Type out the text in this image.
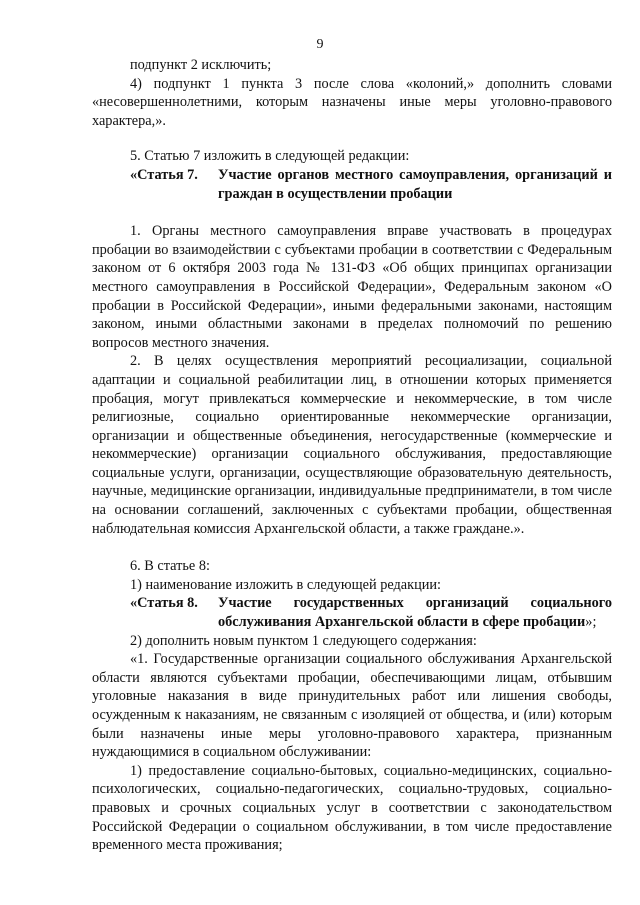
9

подпункт 2 исключить;

4) подпункт 1 пункта 3 после слова «колоний,» дополнить словами «несовершеннолетними, которым назначены иные меры уголовно-правового характера,».

5. Статью 7 изложить в следующей редакции:

«Статья 7.	Участие органов местного самоуправления, организаций и граждан в осуществлении пробации

1. Органы местного самоуправления вправе участвовать в процедурах пробации во взаимодействии с субъектами пробации в соответствии с Федеральным законом от 6 октября 2003 года № 131-ФЗ «Об общих принципах организации местного самоуправления в Российской Федерации», Федеральным законом «О пробации в Российской Федерации», иными федеральными законами, настоящим законом, иными областными законами в пределах полномочий по решению вопросов местного значения.

2. В целях осуществления мероприятий ресоциализации, социальной адаптации и социальной реабилитации лиц, в отношении которых применяется пробация, могут привлекаться коммерческие и некоммерческие, в том числе религиозные, социально ориентированные некоммерческие организации, организации и общественные объединения, негосударственные (коммерческие и некоммерческие) организации социального обслуживания, предоставляющие социальные услуги, организации, осуществляющие образовательную деятельность, научные, медицинские организации, индивидуальные предприниматели, в том числе на основании соглашений, заключенных с субъектами пробации, общественная наблюдательная комиссия Архангельской области, а также граждане.».

6. В статье 8:

1) наименование изложить в следующей редакции:

«Статья 8.	Участие государственных организаций социального обслуживания Архангельской области в сфере пробации»;

2) дополнить новым пунктом 1 следующего содержания:

«1. Государственные организации социального обслуживания Архангельской области являются субъектами пробации, обеспечивающими лицам, отбывшим уголовные наказания в виде принудительных работ или лишения свободы, осужденным к наказаниям, не связанным с изоляцией от общества, и (или) которым были назначены иные меры уголовно-правового характера, признанным нуждающимися в социальном обслуживании:

1) предоставление социально-бытовых, социально-медицинских, социально-психологических, социально-педагогических, социально-трудовых, социально-правовых и срочных социальных услуг в соответствии с законодательством Российской Федерации о социальном обслуживании, в том числе предоставление временного места проживания;
